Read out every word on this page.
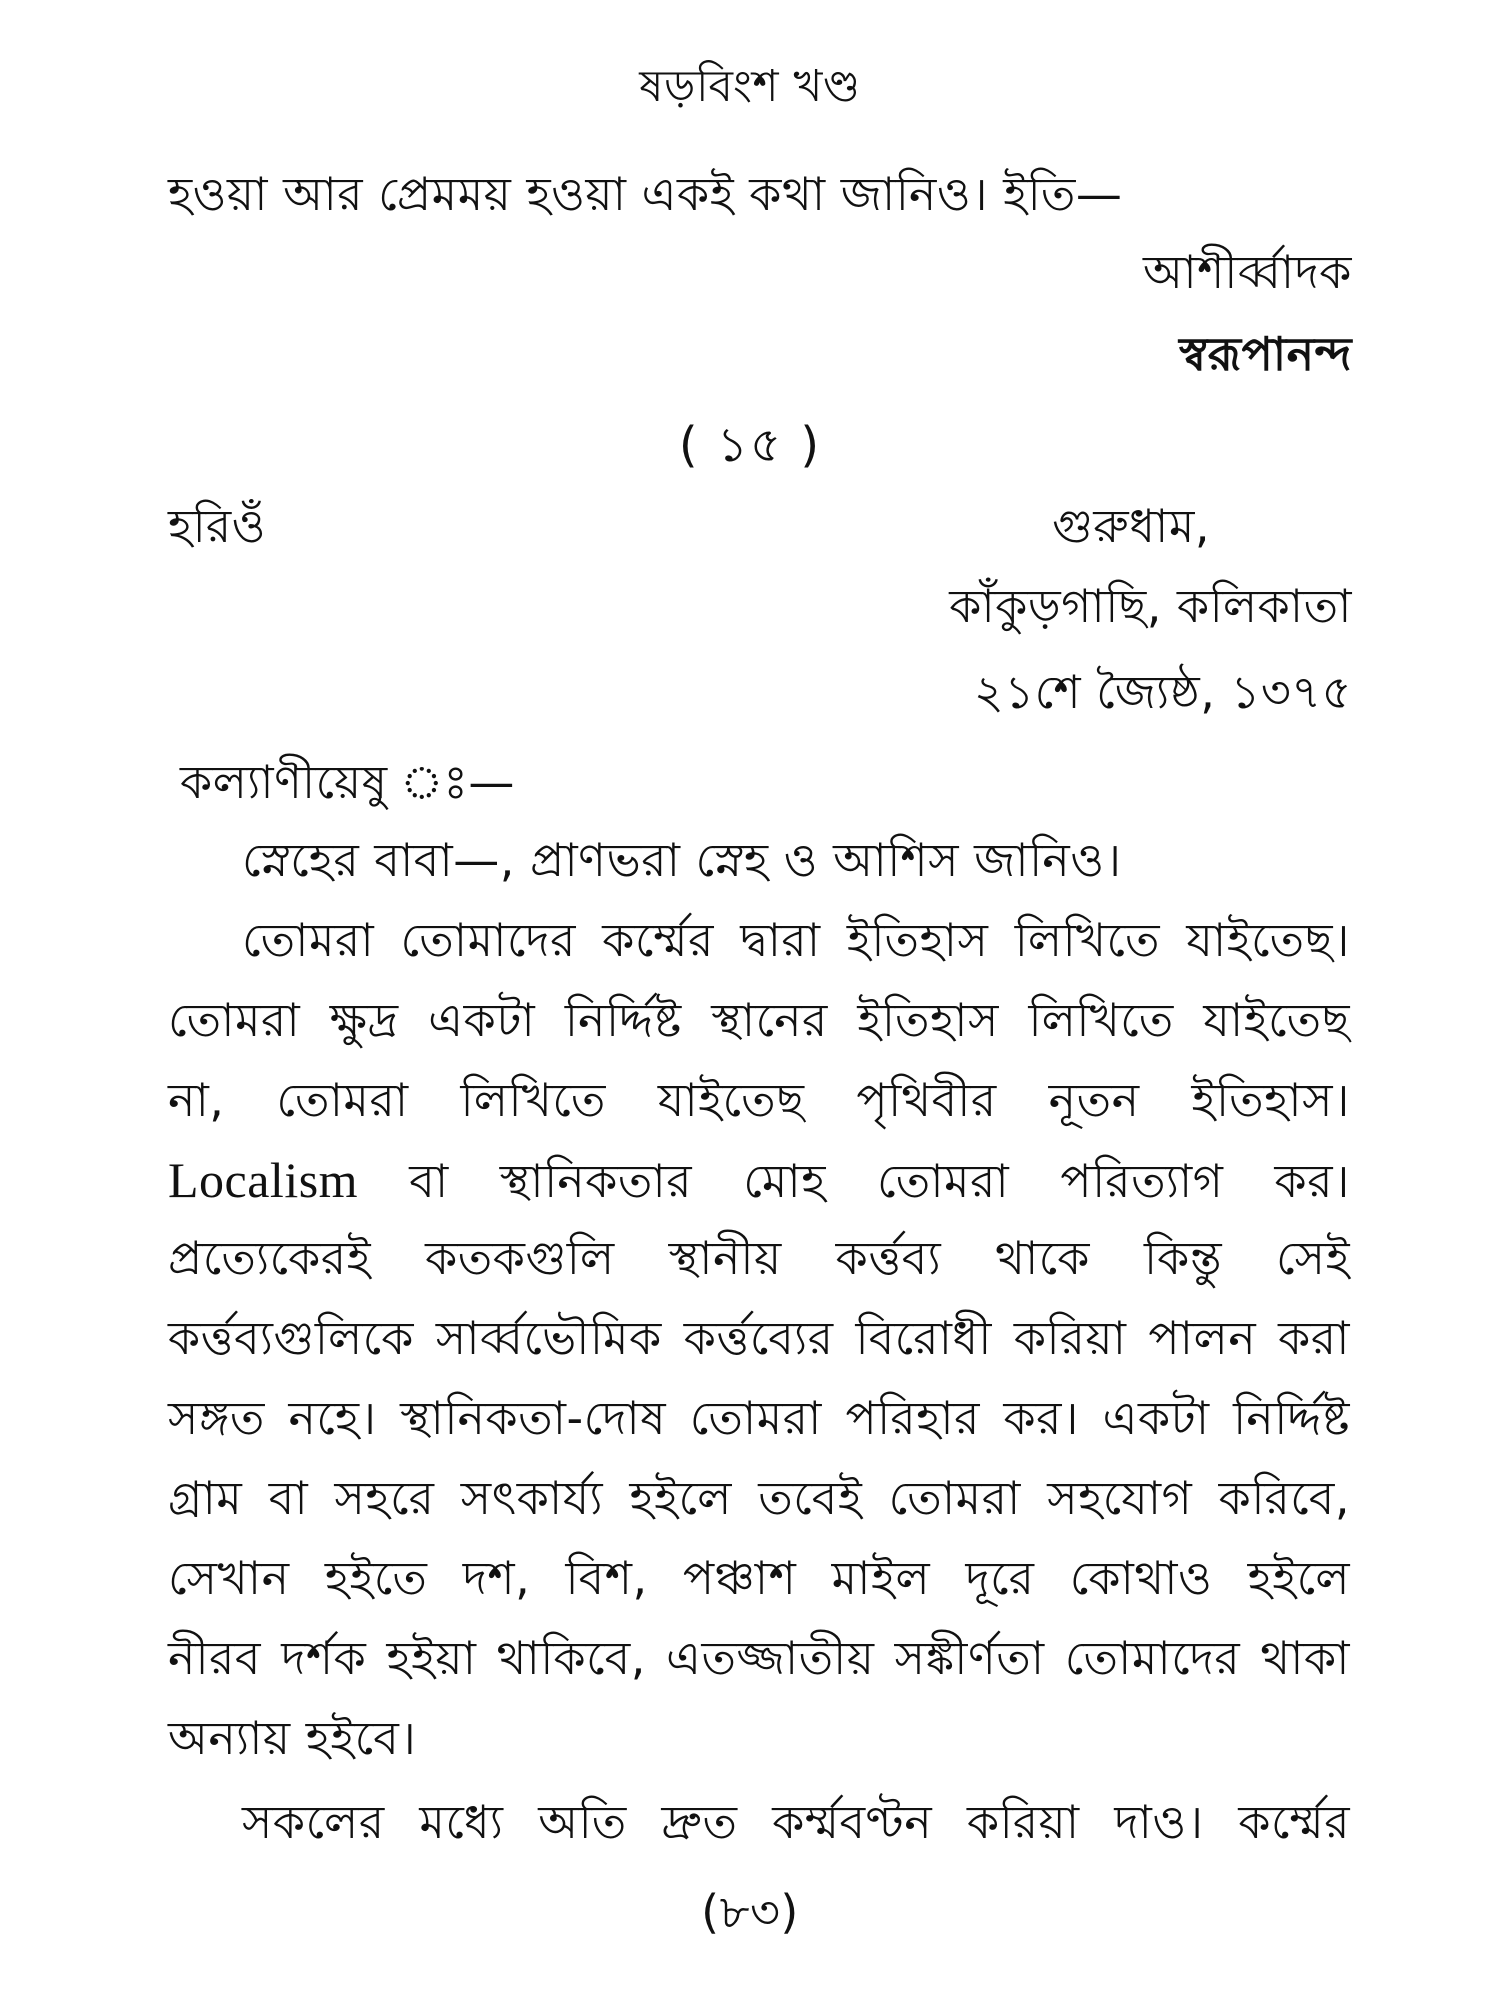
ষড়বিংশ খণ্ড
হওয়া আর প্রেমময় হওয়া একই কথা জানিও। ইতি—
আশীর্ব্বাদক
স্বরূপানন্দ
( ১৫ )
হরিওঁ	গুরুধাম,
কাঁকুড়গাছি, কলিকাতা
২১শে জ্যৈষ্ঠ, ১৩৭৫
কল্যাণীয়েষু ঃ—
স্নেহের বাবা—, প্রাণভরা স্নেহ ও আশিস জানিও।
তোমরা তোমাদের কর্ম্মের দ্বারা ইতিহাস লিখিতে যাইতেছ।
তোমরা ক্ষুদ্র একটা নির্দ্দিষ্ট স্থানের ইতিহাস লিখিতে যাইতেছ
না, তোমরা লিখিতে যাইতেছ পৃথিবীর নূতন ইতিহাস।
Localism বা স্থানিকতার মোহ তোমরা পরিত্যাগ কর।
প্রত্যেকেরই কতকগুলি স্থানীয় কর্ত্তব্য থাকে কিন্তু সেই
কর্ত্তব্যগুলিকে সার্ব্বভৌমিক কর্ত্তব্যের বিরোধী করিয়া পালন করা
সঙ্গত নহে। স্থানিকতা-দোষ তোমরা পরিহার কর। একটা নির্দ্দিষ্ট
গ্রাম বা সহরে সৎকার্য্য হইলে তবেই তোমরা সহযোগ করিবে,
সেখান হইতে দশ, বিশ, পঞ্চাশ মাইল দূরে কোথাও হইলে
নীরব দর্শক হইয়া থাকিবে, এতজ্জাতীয় সঙ্কীর্ণতা তোমাদের থাকা
অন্যায় হইবে।
সকলের মধ্যে অতি দ্রুত কর্ম্মবণ্টন করিয়া দাও। কর্ম্মের
(৮৩)
